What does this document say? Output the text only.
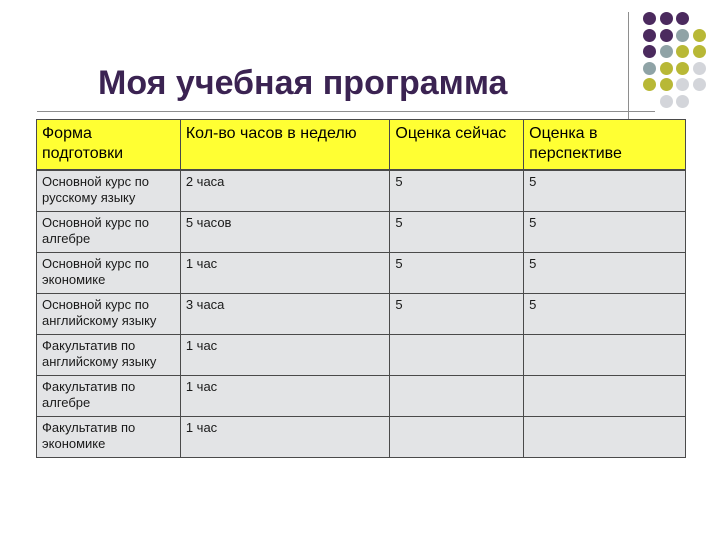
Моя учебная программа
Форма подготовки	Кол-во часов в неделю	Оценка сейчас	Оценка в перспективе
Основной курс по русскому языку	2 часа	5	5
Основной курс по алгебре	5 часов	5	5
Основной курс по экономике	1 час	5	5
Основной курс по английскому языку	3 часа	5	5
Факультатив по английскому языку	1 час		
Факультатив по алгебре	1 час		
Факультатив по экономике	1 час		
